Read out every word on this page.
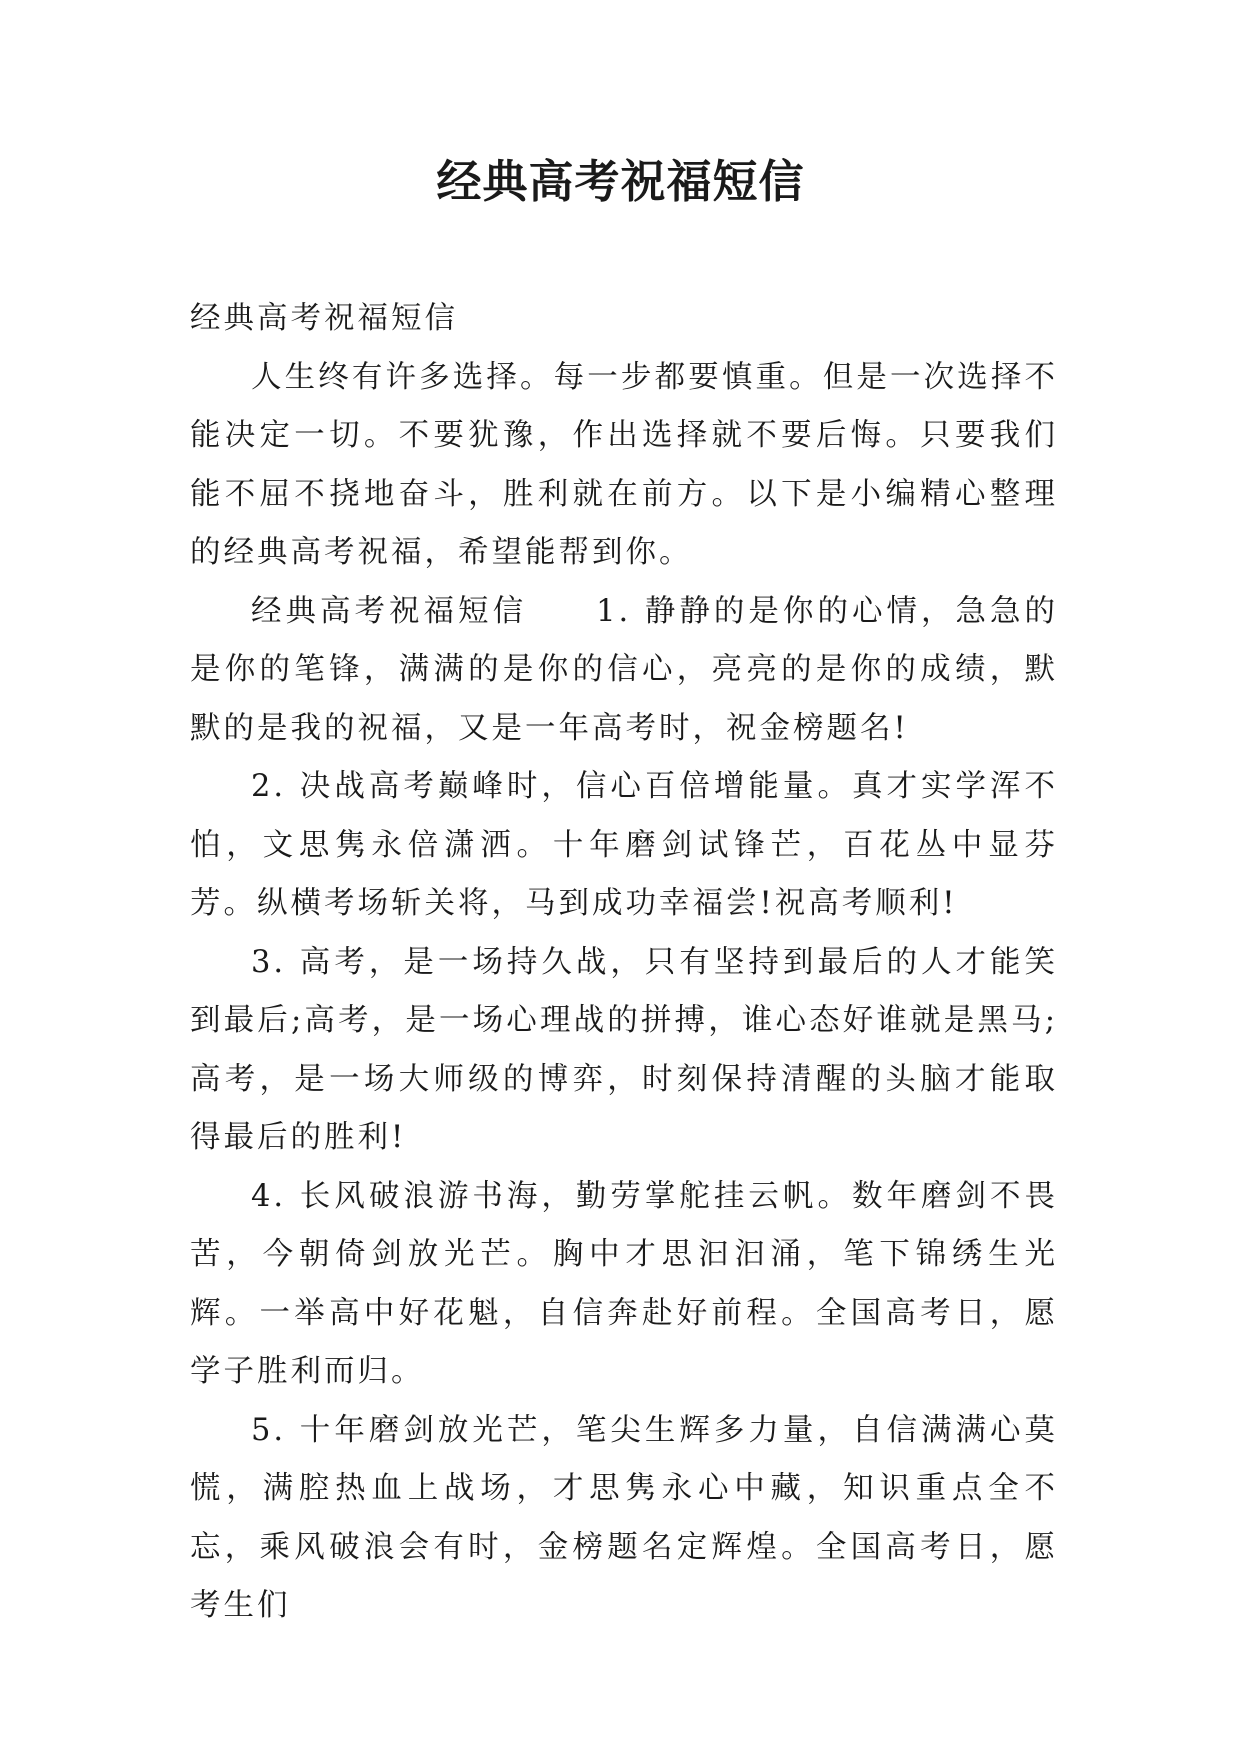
经典高考祝福短信

经典高考祝福短信

人生终有许多选择。每一步都要慎重。但是一次选择不能决定一切。不要犹豫，作出选择就不要后悔。只要我们能不屈不挠地奋斗，胜利就在前方。以下是小编精心整理的经典高考祝福，希望能帮到你。

经典高考祝福短信　　1. 静静的是你的心情，急急的是你的笔锋，满满的是你的信心，亮亮的是你的成绩，默默的是我的祝福，又是一年高考时，祝金榜题名!

2. 决战高考巅峰时，信心百倍增能量。真才实学浑不怕，文思隽永倍潇洒。十年磨剑试锋芒，百花丛中显芬芳。纵横考场斩关将，马到成功幸福尝!祝高考顺利!

3. 高考，是一场持久战，只有坚持到最后的人才能笑到最后;高考，是一场心理战的拼搏，谁心态好谁就是黑马;高考，是一场大师级的博弈，时刻保持清醒的头脑才能取得最后的胜利!

4. 长风破浪游书海，勤劳掌舵挂云帆。数年磨剑不畏苦，今朝倚剑放光芒。胸中才思汩汩涌，笔下锦绣生光辉。一举高中好花魁，自信奔赴好前程。全国高考日，愿学子胜利而归。

5. 十年磨剑放光芒，笔尖生辉多力量，自信满满心莫慌，满腔热血上战场，才思隽永心中藏，知识重点全不忘，乘风破浪会有时，金榜题名定辉煌。全国高考日，愿考生们
